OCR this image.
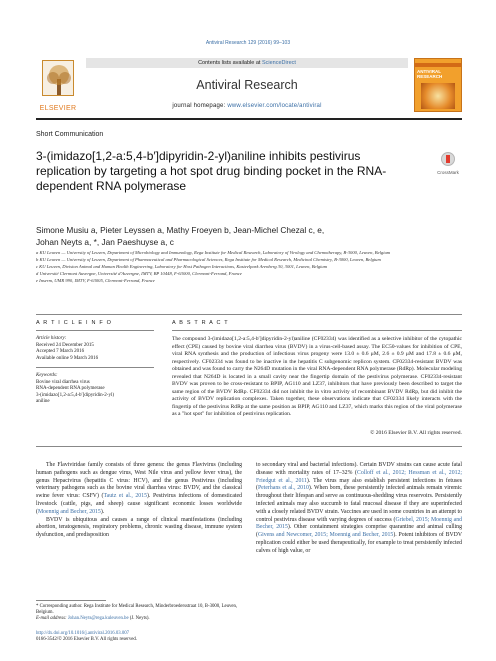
Antiviral Research 129 (2016) 99–103
ELSEVIER
Contents lists available at ScienceDirect
Antiviral Research
journal homepage: www.elsevier.com/locate/antiviral
ANTIVIRAL RESEARCH
Short Communication
3-(imidazo[1,2-a:5,4-b′]dipyridin-2-yl)aniline inhibits pestivirus replication by targeting a hot spot drug binding pocket in the RNA-dependent RNA polymerase
CrossMark
Simone Musiu a, Pieter Leyssen a, Mathy Froeyen b, Jean-Michel Chezal c, e,
Johan Neyts a, *, Jan Paeshuyse a, c
a KU Leuven — University of Leuven, Department of Microbiology and Immunology, Rega Institute for Medical Research, Laboratory of Virology and Chemotherapy, B-3000, Leuven, Belgium
b KU Leuven — University of Leuven, Department of Pharmaceutical and Pharmacological Sciences, Rega Institute for Medical Research, Medicinal Chemistry, B-3000, Leuven, Belgium
c KU Leuven, Division Animal and Human Health Engineering, Laboratory for Host Pathogen Interactions, Kasteelpark Arenberg 30, 3001, Leuven, Belgium
d Université Clermont Auvergne, Université d'Auvergne, IMTV, BP 10448, F-63000, Clermont-Ferrand, France
e Inserm, UMR 990, IMTV, F-63005, Clermont-Ferrand, France
A R T I C L E I N F O	A B S T R A C T
Article history:
Received 24 December 2015
Accepted 7 March 2016
Available online 9 March 2016
Keywords:
Bovine viral diarrhea virus
RNA-dependent RNA polymerase
3-(imidazo[1,2-a:5,4-b′]dipyridin-2-yl)
aniline
The compound 3-(imidazo[1,2-a:5,4-b′]dipyridin-2-yl)aniline (CF02334) was identified as a selective inhibitor of the cytopathic effect (CPE) caused by bovine viral diarrhea virus (BVDV) in a virus-cell-based assay. The EC50-values for inhibition of CPE, viral RNA synthesis and the production of infectious virus progeny were 13.0 ± 0.6 μM, 2.6 ± 0.9 μM and 17.8 ± 0.6 μM, respectively. CF02334 was found to be inactive in the hepatitis C subgenomic replicon system. CF02334-resistant BVDV was obtained and was found to carry the N264D mutation in the viral RNA-dependent RNA polymerase (RdRp). Molecular modeling revealed that N264D is located in a small cavity near the fingertip domain of the pestivirus polymerase. CF02334-resistant BVDV was proven to be cross-resistant to BPIP, AG110 and LZ37, inhibitors that have previously been described to target the same region of the BVDV RdRp. CF02334 did not inhibit the in vitro activity of recombinant BVDV RdRp, but did inhibit the activity of BVDV replication complexes. Taken together, these observations indicate that CF02334 likely interacts with the fingertip of the pestivirus RdRp at the same position as BPIP, AG110 and LZ37, which marks this region of the viral polymerase as a "hot spot" for inhibition of pestivirus replication.
© 2016 Elsevier B.V. All rights reserved.

The Flaviviridae family consists of three genera: the genus Flavivirus (including human pathogens such as dengue virus, West Nile virus and yellow fever virus), the genus Hepacivirus (hepatitis C virus: HCV), and the genus Pestivirus (including veterinary pathogens such as the bovine viral diarrhea virus: BVDV, and the classical swine fever virus: CSFV) (Tautz et al., 2015). Pestivirus infections of domesticated livestock (cattle, pigs, and sheep) cause significant economic losses worldwide (Moennig and Becher, 2015).

BVDV is ubiquitous and causes a range of clinical manifestations (including abortion, teratogenesis, respiratory problems, chronic wasting disease, immune system dysfunction, and predisposition

to secondary viral and bacterial infections). Certain BVDV strains can cause acute fatal disease with mortality rates of 17–32% (Colloff et al., 2012; Hessman et al., 2012; Friedgut et al., 2011). The virus may also establish persistent infections in fetuses (Peterhans et al., 2010). When born, these persistently infected animals remain viremic throughout their lifespan and serve as continuous-shedding virus reservoirs. Persistently infected animals may also succumb to fatal mucosal disease if they are superinfected with a closely related BVDV strain. Vaccines are used in some countries in an attempt to control pestivirus disease with varying degrees of success (Griebel, 2015; Moennig and Becher, 2015). Other containment strategies comprise quarantine and animal culling (Givens and Newcomer, 2015; Moennig and Becher, 2015). Potent inhibitors of BVDV replication could either be used therapeutically, for example to treat persistently infected calves of high value, or

* Corresponding author. Rega Institute for Medical Research, Minderbroedersstraat 10, B-3000, Leuven, Belgium.
E-mail address: Johan.Neyts@rega.kuleuven.be (J. Neyts).
http://dx.doi.org/10.1016/j.antiviral.2016.03.007
0166-3542/© 2016 Elsevier B.V. All rights reserved.
